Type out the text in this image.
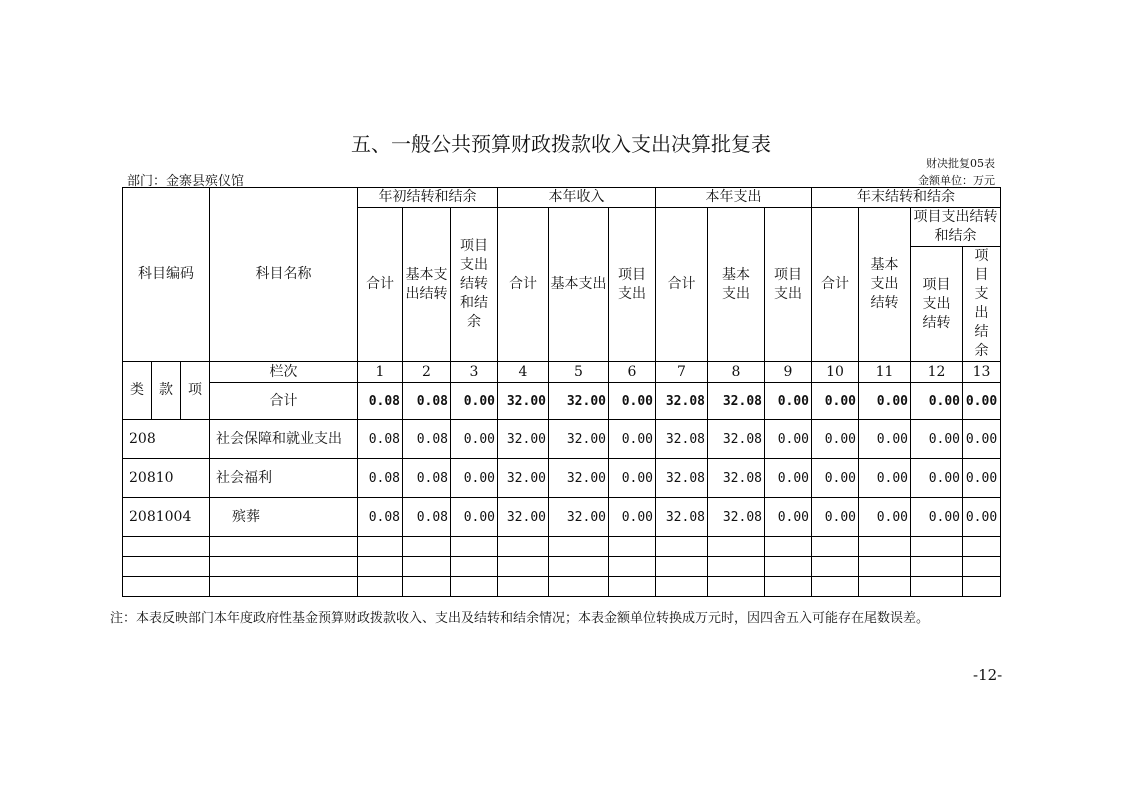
五、一般公共预算财政拨款收入支出决算批复表
财决批复05表
部门：金寨县殡仪馆	金额单位：万元
科目编码			科目名称	年初结转和结余			本年收入			本年支出			年末结转和结余			
				合计	基本支出结转	项目支出结转和结余	合计	基本支出	项目支出	合计	基本支出	项目支出	合计	基本支出结转	项目支出结转和结余	
															项目支出结转	项目支出结余
类	款	项	栏次	1	2	3	4	5	6	7	8	9	10	11	12	13
			合计	0.08	0.08	0.00	32.00	32.00	0.00	32.08	32.08	0.00	0.00	0.00	0.00	0.00
208			社会保障和就业支出	0.08	0.08	0.00	32.00	32.00	0.00	32.08	32.08	0.00	0.00	0.00	0.00	0.00
20810			社会福利	0.08	0.08	0.00	32.00	32.00	0.00	32.08	32.08	0.00	0.00	0.00	0.00	0.00
2081004			殡葬	0.08	0.08	0.00	32.00	32.00	0.00	32.08	32.08	0.00	0.00	0.00	0.00	0.00

注：本表反映部门本年度政府性基金预算财政拨款收入、支出及结转和结余情况；本表金额单位转换成万元时，因四舍五入可能存在尾数误差。
-12-
